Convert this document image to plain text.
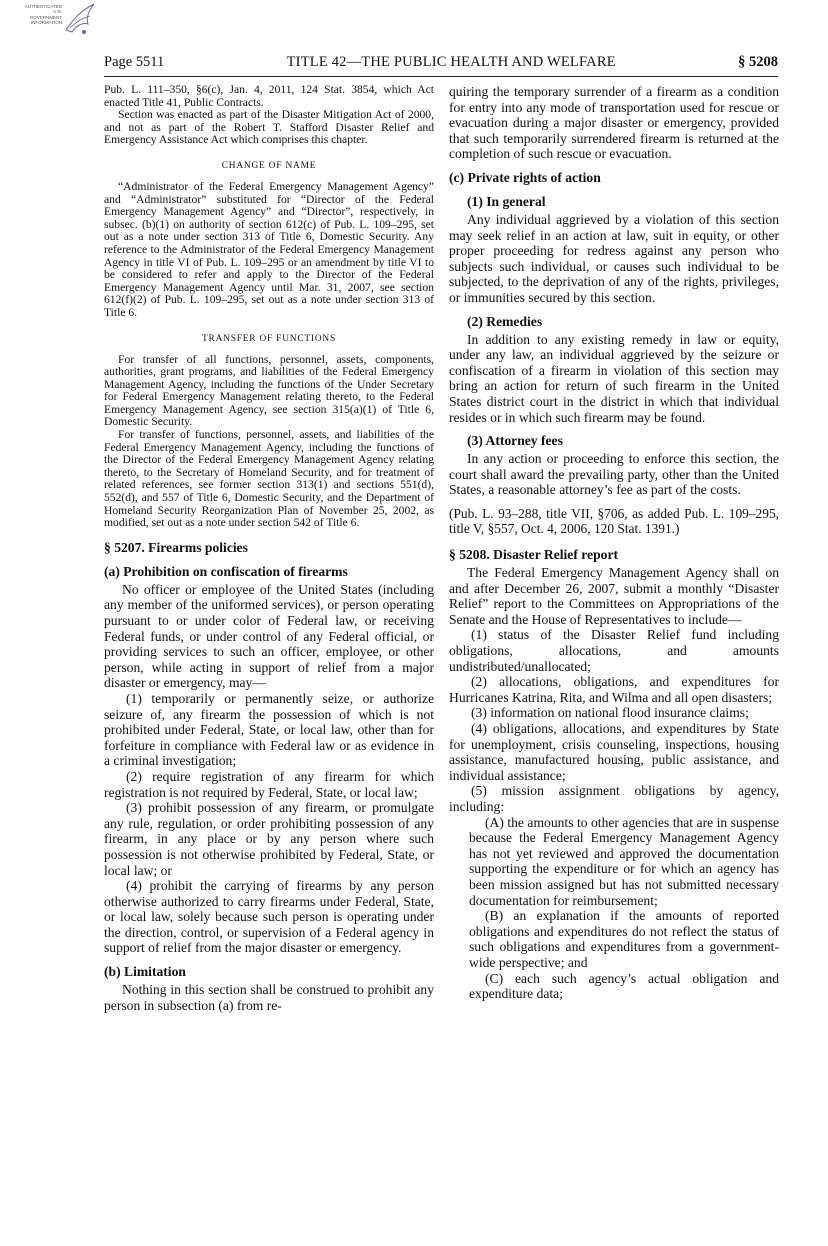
AUTHENTICATED
U.S. GOVERNMENT
INFORMATION
Page 5511	TITLE 42—THE PUBLIC HEALTH AND WELFARE	§ 5208

Pub. L. 111–350, §6(c), Jan. 4, 2011, 124 Stat. 3854, which Act enacted Title 41, Public Contracts.

Section was enacted as part of the Disaster Mitigation Act of 2000, and not as part of the Robert T. Stafford Disaster Relief and Emergency Assistance Act which comprises this chapter.

CHANGE OF NAME

“Administrator of the Federal Emergency Management Agency” and “Administrator” substituted for “Director of the Federal Emergency Management Agency” and “Director”, respectively, in subsec. (b)(1) on authority of section 612(c) of Pub. L. 109–295, set out as a note under section 313 of Title 6, Domestic Security. Any reference to the Administrator of the Federal Emergency Management Agency in title VI of Pub. L. 109–295 or an amendment by title VI to be considered to refer and apply to the Director of the Federal Emergency Management Agency until Mar. 31, 2007, see section 612(f)(2) of Pub. L. 109–295, set out as a note under section 313 of Title 6.

TRANSFER OF FUNCTIONS

For transfer of all functions, personnel, assets, components, authorities, grant programs, and liabilities of the Federal Emergency Management Agency, including the functions of the Under Secretary for Federal Emergency Management relating thereto, to the Federal Emergency Management Agency, see section 315(a)(1) of Title 6, Domestic Security.

For transfer of functions, personnel, assets, and liabilities of the Federal Emergency Management Agency, including the functions of the Director of the Federal Emergency Management Agency relating thereto, to the Secretary of Homeland Security, and for treatment of related references, see former section 313(1) and sections 551(d), 552(d), and 557 of Title 6, Domestic Security, and the Department of Homeland Security Reorganization Plan of November 25, 2002, as modified, set out as a note under section 542 of Title 6.

§ 5207. Firearms policies
(a) Prohibition on confiscation of firearms

No officer or employee of the United States (including any member of the uniformed services), or person operating pursuant to or under color of Federal law, or receiving Federal funds, or under control of any Federal official, or providing services to such an officer, employee, or other person, while acting in support of relief from a major disaster or emergency, may—

(1) temporarily or permanently seize, or authorize seizure of, any firearm the possession of which is not prohibited under Federal, State, or local law, other than for forfeiture in compliance with Federal law or as evidence in a criminal investigation;

(2) require registration of any firearm for which registration is not required by Federal, State, or local law;

(3) prohibit possession of any firearm, or promulgate any rule, regulation, or order prohibiting possession of any firearm, in any place or by any person where such possession is not otherwise prohibited by Federal, State, or local law; or

(4) prohibit the carrying of firearms by any person otherwise authorized to carry firearms under Federal, State, or local law, solely because such person is operating under the direction, control, or supervision of a Federal agency in support of relief from the major disaster or emergency.

(b) Limitation

Nothing in this section shall be construed to prohibit any person in subsection (a) from re-

quiring the temporary surrender of a firearm as a condition for entry into any mode of transportation used for rescue or evacuation during a major disaster or emergency, provided that such temporarily surrendered firearm is returned at the completion of such rescue or evacuation.

(c) Private rights of action
(1) In general

Any individual aggrieved by a violation of this section may seek relief in an action at law, suit in equity, or other proper proceeding for redress against any person who subjects such individual, or causes such individual to be subjected, to the deprivation of any of the rights, privileges, or immunities secured by this section.

(2) Remedies

In addition to any existing remedy in law or equity, under any law, an individual aggrieved by the seizure or confiscation of a firearm in violation of this section may bring an action for return of such firearm in the United States district court in the district in which that individual resides or in which such firearm may be found.

(3) Attorney fees

In any action or proceeding to enforce this section, the court shall award the prevailing party, other than the United States, a reasonable attorney’s fee as part of the costs.

(Pub. L. 93–288, title VII, §706, as added Pub. L. 109–295, title V, §557, Oct. 4, 2006, 120 Stat. 1391.)

§ 5208. Disaster Relief report

The Federal Emergency Management Agency shall on and after December 26, 2007, submit a monthly “Disaster Relief” report to the Committees on Appropriations of the Senate and the House of Representatives to include—

(1) status of the Disaster Relief fund including obligations, allocations, and amounts undistributed/unallocated;

(2) allocations, obligations, and expenditures for Hurricanes Katrina, Rita, and Wilma and all open disasters;

(3) information on national flood insurance claims;

(4) obligations, allocations, and expenditures by State for unemployment, crisis counseling, inspections, housing assistance, manufactured housing, public assistance, and individual assistance;

(5) mission assignment obligations by agency, including:

(A) the amounts to other agencies that are in suspense because the Federal Emergency Management Agency has not yet reviewed and approved the documentation supporting the expenditure or for which an agency has been mission assigned but has not submitted necessary documentation for reimbursement;

(B) an explanation if the amounts of reported obligations and expenditures do not reflect the status of such obligations and expenditures from a government-wide perspective; and

(C) each such agency’s actual obligation and expenditure data;
